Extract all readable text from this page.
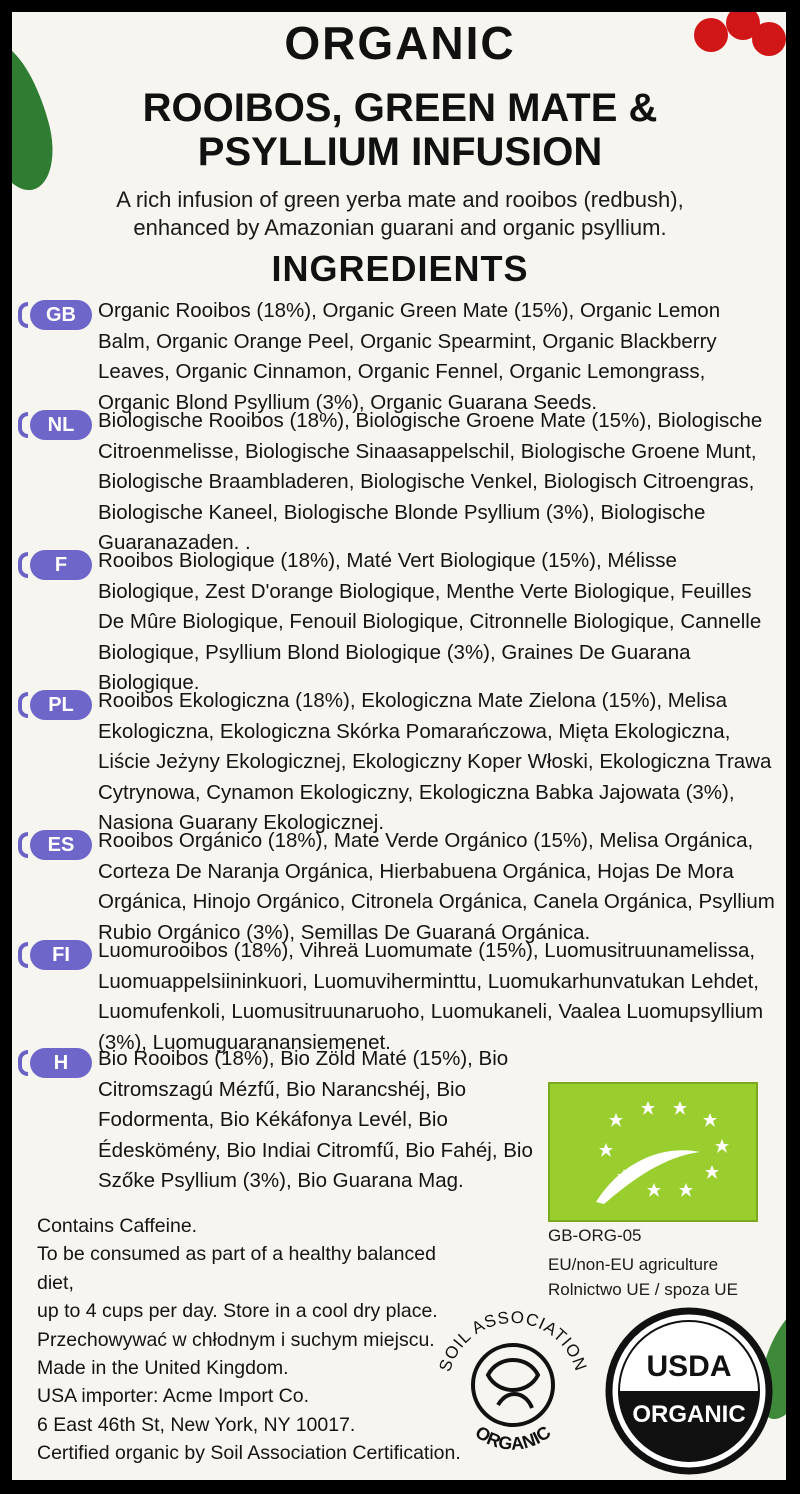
ORGANIC
ROOIBOS, GREEN MATE &
PSYLLIUM INFUSION
A rich infusion of green yerba mate and rooibos (redbush),
enhanced by Amazonian guarani and organic psyllium.
INGREDIENTS
GB	Organic Rooibos (18%), Organic Green Mate (15%), Organic Lemon Balm, Organic Orange Peel, Organic Spearmint, Organic Blackberry Leaves, Organic Cinnamon, Organic Fennel, Organic Lemongrass, Organic Blond Psyllium (3%), Organic Guarana Seeds.
NL	Biologische Rooibos (18%), Biologische Groene Mate (15%), Biologische Citroenmelisse, Biologische Sinaasappelschil, Biologische Groene Munt, Biologische Braambladeren, Biologische Venkel, Biologisch Citroengras, Biologische Kaneel, Biologische Blonde Psyllium (3%), Biologische Guaranazaden. .
F	Rooibos Biologique (18%), Maté Vert Biologique (15%), Mélisse Biologique, Zest D'orange Biologique, Menthe Verte Biologique, Feuilles De Mûre Biologique, Fenouil Biologique, Citronnelle Biologique, Cannelle Biologique, Psyllium Blond Biologique (3%), Graines De Guarana Biologique.
PL	Rooibos Ekologiczna (18%), Ekologiczna Mate Zielona (15%), Melisa Ekologiczna, Ekologiczna Skórka Pomarańczowa, Mięta Ekologiczna, Liście Jeżyny Ekologicznej, Ekologiczny Koper Włoski, Ekologiczna Trawa Cytrynowa, Cynamon Ekologiczny, Ekologiczna Babka Jajowata (3%), Nasiona Guarany Ekologicznej.
ES	Rooibos Orgánico (18%), Mate Verde Orgánico (15%), Melisa Orgánica, Corteza De Naranja Orgánica, Hierbabuena Orgánica, Hojas De Mora Orgánica, Hinojo Orgánico, Citronela Orgánica, Canela Orgánica, Psyllium Rubio Orgánico (3%), Semillas De Guaraná Orgánica.
FI	Luomurooibos (18%), Vihreä Luomumate (15%), Luomusitruunamelissa, Luomuappelsiininkuori, Luomuviherminttu, Luomukarhunvatukan Lehdet, Luomufenkoli, Luomusitruunaruoho, Luomukaneli, Vaalea Luomupsyllium (3%), Luomuguaranansiemenet.
H	Bio Rooibos (18%), Bio Zöld Maté (15%), Bio Citromszagú Mézfű, Bio Narancshéj, Bio Fodormenta, Bio Kékáfonya Levél, Bio Édeskömény, Bio Indiai Citromfű, Bio Fahéj, Bio Szőke Psyllium (3%), Bio Guarana Mag.
GB-ORG-05
EU/non-EU agriculture
Rolnictwo UE / spoza UE
Contains Caffeine.
To be consumed as part of a healthy balanced diet,
up to 4 cups per day. Store in a cool dry place.
Przechowywać w chłodnym i suchym miejscu.
Made in the United Kingdom.
USA importer: Acme Import Co.
6 East 46th St, New York, NY 10017.
Certified organic by Soil Association Certification.
SOIL ASSOCIATION
ORGANIC
USDA
ORGANIC
